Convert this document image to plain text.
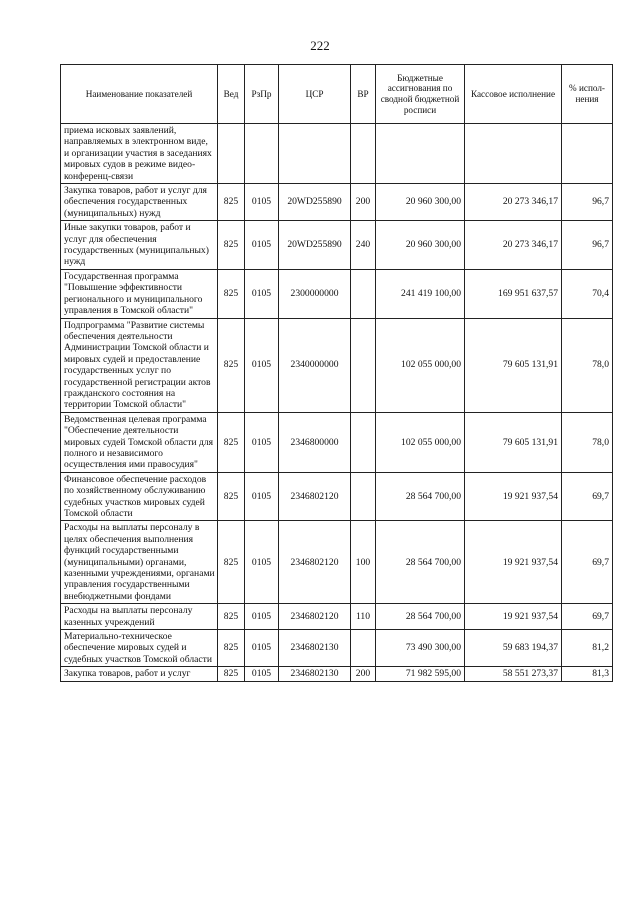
222
Наименование показателей	Вед	РзПр	ЦСР	ВР	Бюджетные ассигнования по сводной бюджетной росписи	Кассовое исполнение	% испол-нения
приема исковых заявлений, направляемых в электронном виде, и организации участия в заседаниях мировых судов в режиме видео-конференц-связи							
Закупка товаров, работ и услуг для обеспечения государственных (муниципальных) нужд	825	0105	20WD255890	200	20 960 300,00	20 273 346,17	96,7
Иные закупки товаров, работ и услуг для обеспечения государственных (муниципальных) нужд	825	0105	20WD255890	240	20 960 300,00	20 273 346,17	96,7
Государственная программа "Повышение эффективности регионального и муниципального управления в Томской области"	825	0105	2300000000		241 419 100,00	169 951 637,57	70,4
Подпрограмма "Развитие системы обеспечения деятельности Администрации Томской области и мировых судей и предоставление государственных услуг по государственной регистрации актов гражданского состояния на территории Томской области"	825	0105	2340000000		102 055 000,00	79 605 131,91	78,0
Ведомственная целевая программа "Обеспечение деятельности мировых судей Томской области для полного и независимого осуществления ими правосудия"	825	0105	2346800000		102 055 000,00	79 605 131,91	78,0
Финансовое обеспечение расходов по хозяйственному обслуживанию судебных участков мировых судей Томской области	825	0105	2346802120		28 564 700,00	19 921 937,54	69,7
Расходы на выплаты персоналу в целях обеспечения выполнения функций государственными (муниципальными) органами, казенными учреждениями, органами управления государственными внебюджетными фондами	825	0105	2346802120	100	28 564 700,00	19 921 937,54	69,7
Расходы на выплаты персоналу казенных учреждений	825	0105	2346802120	110	28 564 700,00	19 921 937,54	69,7
Материально-техническое обеспечение мировых судей и судебных участков Томской области	825	0105	2346802130		73 490 300,00	59 683 194,37	81,2
Закупка товаров, работ и услуг	825	0105	2346802130	200	71 982 595,00	58 551 273,37	81,3
